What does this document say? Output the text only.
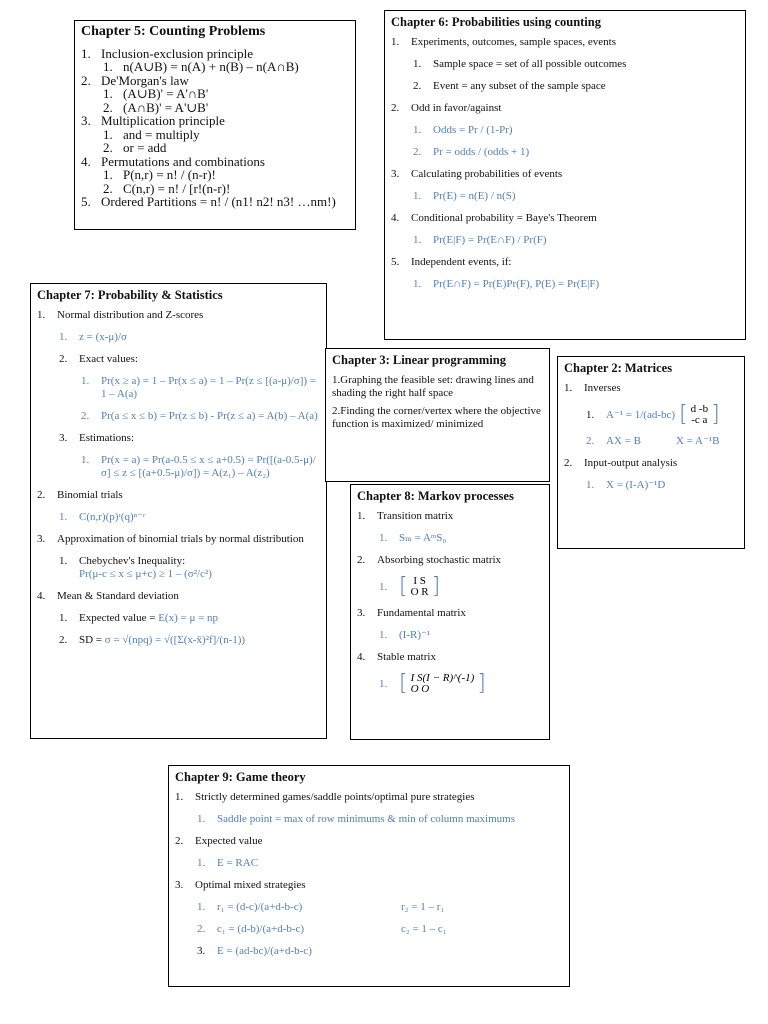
Chapter 5: Counting Problems
1. Inclusion-exclusion principle
1. n(A∪B) = n(A) + n(B) – n(A∩B)
2. De'Morgan's law
1. (A∪B)' = A'∩B'
2. (A∩B)' = A'∪B'
3. Multiplication principle
1. and = multiply
2. or = add
4. Permutations and combinations
1. P(n,r) = n! / (n-r)!
2. C(n,r) = n! / [r!(n-r)!
5. Ordered Partitions = n! / (n1! n2! n3! …nm!)
Chapter 6: Probabilities using counting
1.	Experiments, outcomes, sample spaces, events
1.	Sample space = set of all possible outcomes
2.	Event = any subset of the sample space
2.	Odd in favor/against
1.	Odds = Pr / (1-Pr)
2.	Pr = odds / (odds + 1)
3.	Calculating probabilities of events
1.	Pr(E) = n(E) / n(S)
4.	Conditional probability = Baye's Theorem
1.	Pr(E|F) = Pr(E∩F) / Pr(F)
5.	Independent events, if:
1.	Pr(E∩F) = Pr(E)Pr(F), P(E) = Pr(E|F)
Chapter 7: Probability & Statistics
1.	Normal distribution and Z-scores
1.	z = (x-μ)/σ
2.	Exact values:
1.	Pr(x ≥ a) = 1 – Pr(x ≤ a) = 1 – Pr(z ≤ [(a-μ)/σ]) = 1 – A(a)
2.	Pr(a ≤ x ≤ b) = Pr(z ≤ b) - Pr(z ≤ a) = A(b) – A(a)
3.	Estimations:
1.	Pr(x = a) = Pr(a-0.5 ≤ x ≤ a+0.5) = Pr([(a-0.5-μ)/σ] ≤ z ≤ [(a+0.5-μ)/σ]) = A(z₁) – A(z₂)
2.	Binomial trials
1.	C(n,r)(p)ʳ(q)ⁿ⁻ʳ
3.	Approximation of binomial trials by normal distribution
1.	Chebychev's Inequality:
Pr(μ-c ≤ x ≤ μ+c) ≥ 1 – (σ²/c²)
4.	Mean & Standard deviation
1.	Expected value = E(x) = μ = np
2.	SD = σ = √(npq) = √([Σ(x-x̄)²f]/(n-1))
Chapter 3: Linear programming
1.Graphing the feasible set: drawing lines and shading the right half space
2.Finding the corner/vertex where the objective function is maximized/ minimized
Chapter 2: Matrices
1.	Inverses
1.	A⁻¹ = 1/(ad-bc) [ d -b
-c a ]
2.	AX = B	X = A⁻¹B
2.	Input-output analysis
1.	X = (I-A)⁻¹D
Chapter 8: Markov processes
1.	Transition matrix
1.	Sₘ = AᵐS₀
2.	Absorbing stochastic matrix
1. [ I S
O R ]
3.	Fundamental matrix
1.	(I-R)⁻¹
4.	Stable matrix
1. [ I S(I − R)^(-1)
O O	]
Chapter 9: Game theory
1.	Strictly determined games/saddle points/optimal pure strategies
1.	Saddle point = max of row minimums & min of column maximums
2.	Expected value
1.	E = RAC
3.	Optimal mixed strategies
1.	r₁ = (d-c)/(a+d-b-c)	r₂ = 1 – r₁
2.	c₁ = (d-b)/(a+d-b-c)	c₂ = 1 – c₁
3.	E = (ad-bc)/(a+d-b-c)
